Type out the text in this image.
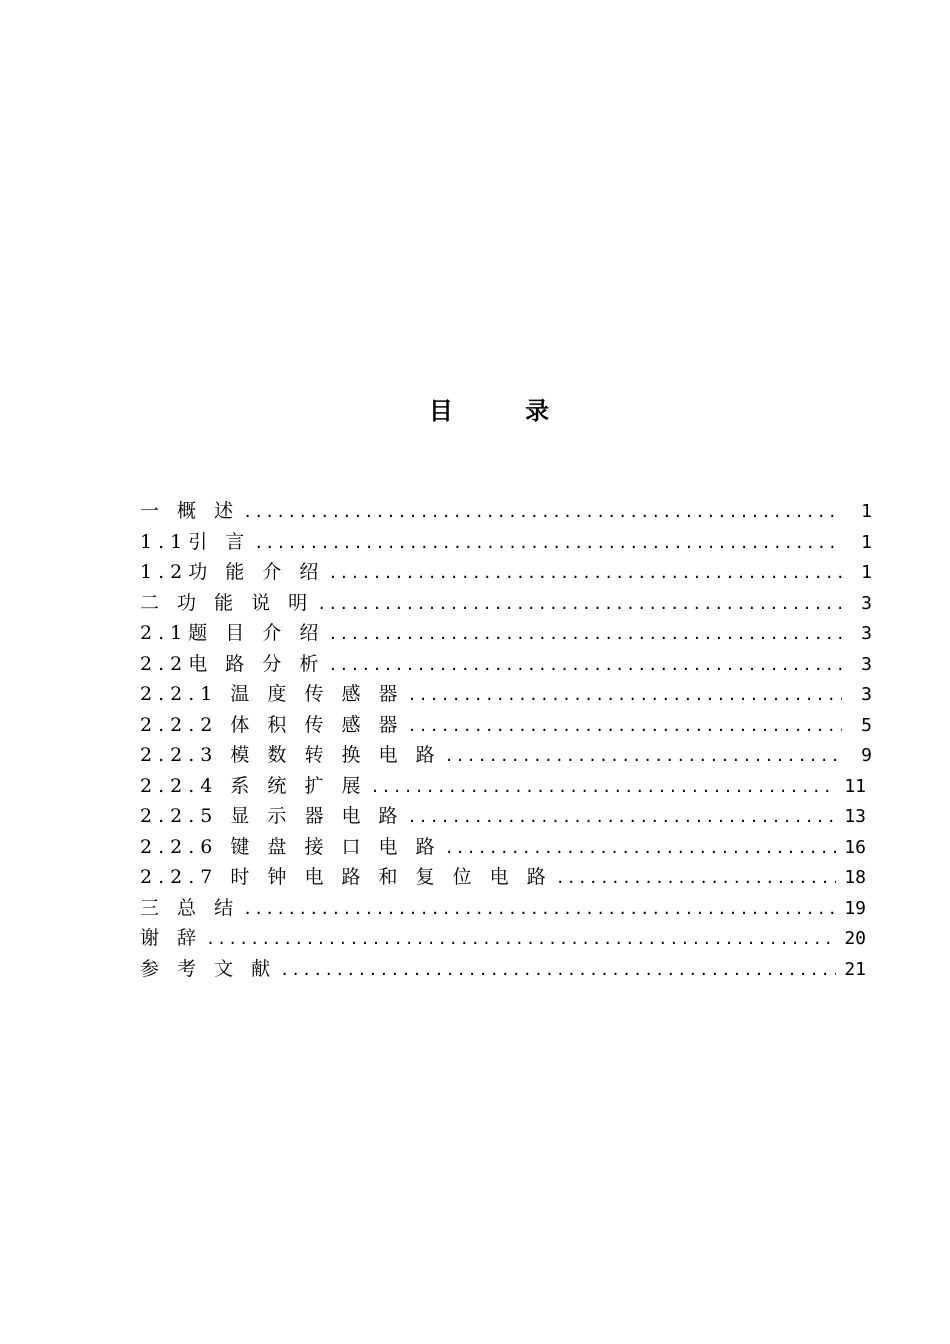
目 录
一 概 述 .....	1
1.1引 言 .....	1
1.2功 能 介 绍 .....	1
二 功 能 说 明 .....	3
2.1题 目 介 绍 .....	3
2.2电 路 分 析 .....	3
2.2.1 温 度 传 感 器 .....	3
2.2.2 体 积 传 感 器 .....	5
2.2.3 模 数 转 换 电 路 .....	9
2.2.4 系 统 扩 展 .....	11
2.2.5 显 示 器 电 路 .....	13
2.2.6 键 盘 接 口 电 路 .....	16
2.2.7 时 钟 电 路 和 复 位 电 路 .....	18
三 总 结 .....	19
谢 辞 .....	20
参 考 文 献 .....	21
